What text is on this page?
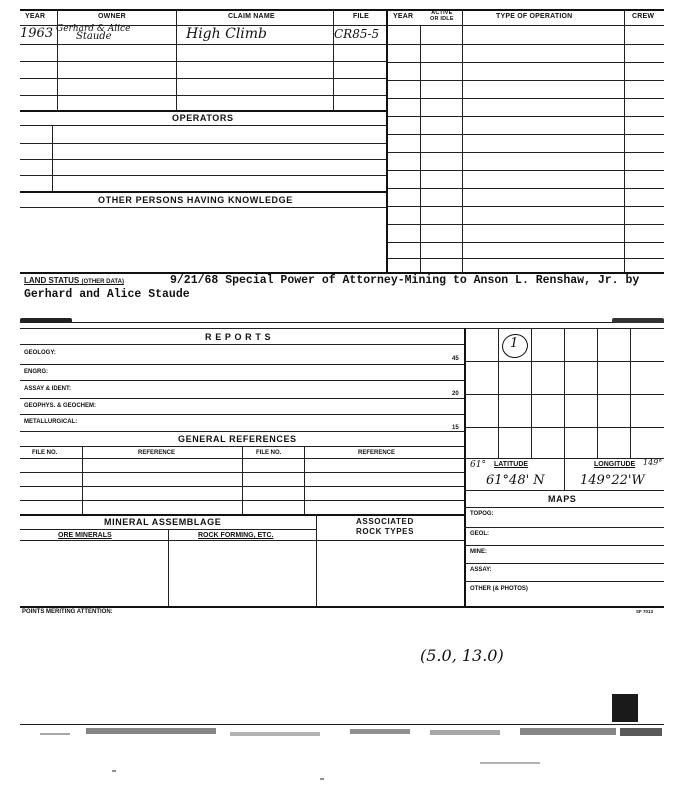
YEAR	OWNER	CLAIM NAME	FILE	YEAR	ACTIVE
OR IDLE	TYPE OF OPERATION	CREW
1963 Gerhard & Alice
Staude	High Climb	CR85-5
OPERATORS
OTHER PERSONS HAVING KNOWLEDGE
LAND STATUS (OTHER DATA)	9/21/68 Special Power of Attorney-Mining to Anson L. Renshaw, Jr. by
Gerhard and Alice Staude
R E P O R T S
GEOLOGY:
45
ENGRG:
ASSAY & IDENT:
20
GEOPHYS. & GEOCHEM:
METALLURGICAL:
15
GENERAL REFERENCES
FILE NO.	REFERENCE	FILE NO.	REFERENCE
1
61° LATITUDE	LONGITUDE 149°
61°48' N	149°22'W
MAPS
TOPOG:
GEOL:
MINE:
ASSAY:
OTHER (& PHOTOS)
MINERAL ASSEMBLAGE
ORE MINERALS	ROCK FORMING, ETC.
ASSOCIATED
ROCK TYPES
POINTS MERITING ATTENTION:	SF 7013
(5.0, 13.0)
